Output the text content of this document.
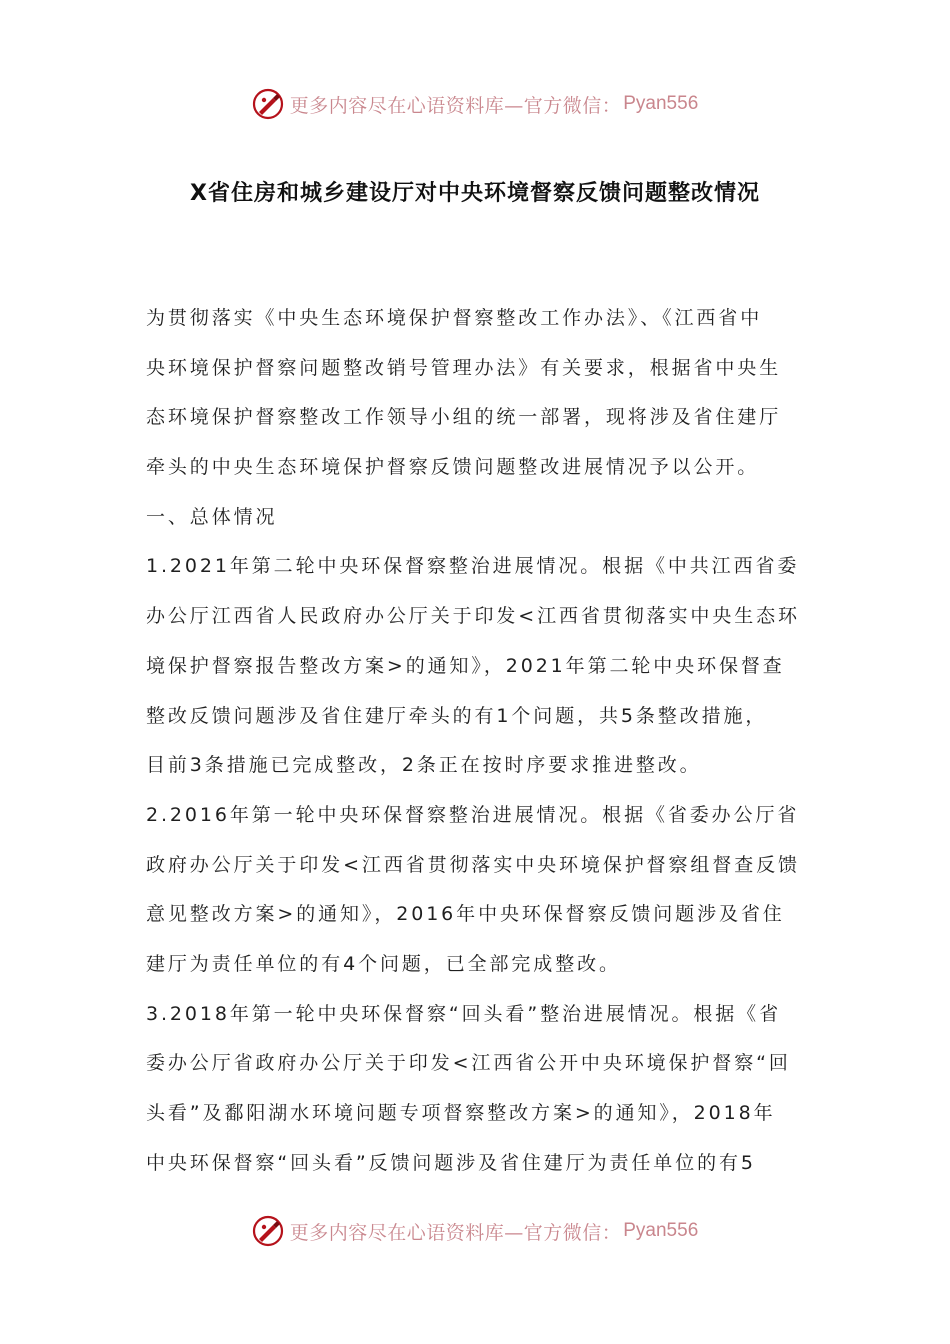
更多内容尽在心语资料库—官方微信： Pyan556
X省住房和城乡建设厅对中央环境督察反馈问题整改情况
为贯彻落实《中央生态环境保护督察整改工作办法》、《江西省中
央环境保护督察问题整改销号管理办法》有关要求，根据省中央生
态环境保护督察整改工作领导小组的统一部署，现将涉及省住建厅
牵头的中央生态环境保护督察反馈问题整改进展情况予以公开。
一、总体情况
1.2021年第二轮中央环保督察整治进展情况。根据《中共江西省委
办公厅江西省人民政府办公厅关于印发<江西省贯彻落实中央生态环
境保护督察报告整改方案>的通知》，2021年第二轮中央环保督查
整改反馈问题涉及省住建厅牵头的有1个问题，共5条整改措施，
目前3条措施已完成整改，2条正在按时序要求推进整改。
2.2016年第一轮中央环保督察整治进展情况。根据《省委办公厅省
政府办公厅关于印发<江西省贯彻落实中央环境保护督察组督查反馈
意见整改方案>的通知》，2016年中央环保督察反馈问题涉及省住
建厅为责任单位的有4个问题，已全部完成整改。
3.2018年第一轮中央环保督察“回头看”整治进展情况。根据《省
委办公厅省政府办公厅关于印发<江西省公开中央环境保护督察“回
头看”及鄱阳湖水环境问题专项督察整改方案>的通知》，2018年
中央环保督察“回头看”反馈问题涉及省住建厅为责任单位的有5
更多内容尽在心语资料库—官方微信： Pyan556
